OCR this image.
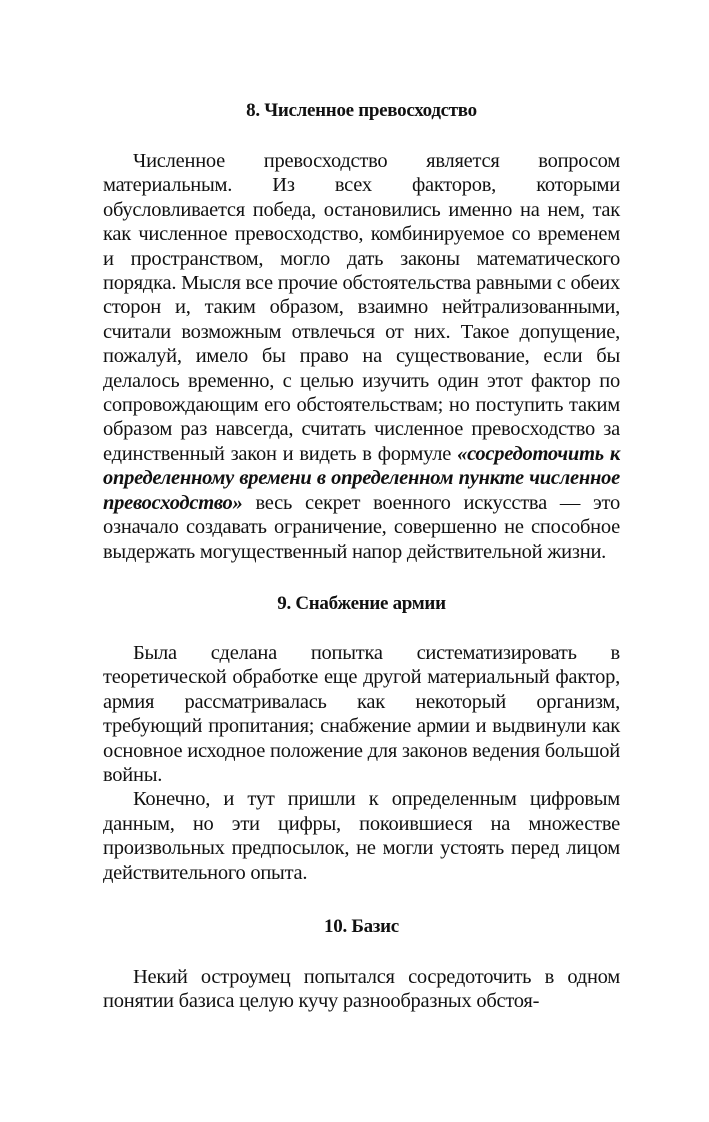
8. Численное превосходство

Численное превосходство является вопросом материальным. Из всех факторов, которыми обусловливается победа, остановились именно на нем, так как численное превосходство, комбинируемое со временем и пространством, могло дать законы математического порядка. Мысля все прочие обстоятельства равными с обеих сторон и, таким образом, взаимно нейтрализованными, считали возможным отвлечься от них. Такое допущение, пожалуй, имело бы право на существование, если бы делалось временно, с целью изучить один этот фактор по сопровождающим его обстоятельствам; но поступить таким образом раз навсегда, считать численное превосходство за единственный закон и видеть в формуле «сосредоточить к определенному времени в определенном пункте численное превосходство» весь секрет военного искусства — это означало создавать ограничение, совершенно не способное выдержать могущественный напор действительной жизни.

9. Снабжение армии

Была сделана попытка систематизировать в теоретической обработке еще другой материальный фактор, армия рассматривалась как некоторый организм, требующий пропитания; снабжение армии и выдвинули как основное исходное положение для законов ведения большой войны.

Конечно, и тут пришли к определенным цифровым данным, но эти цифры, покоившиеся на множестве произвольных предпосылок, не могли устоять перед лицом действительного опыта.

10. Базис

Некий остроумец попытался сосредоточить в одном понятии базиса целую кучу разнообразных обстоя-
